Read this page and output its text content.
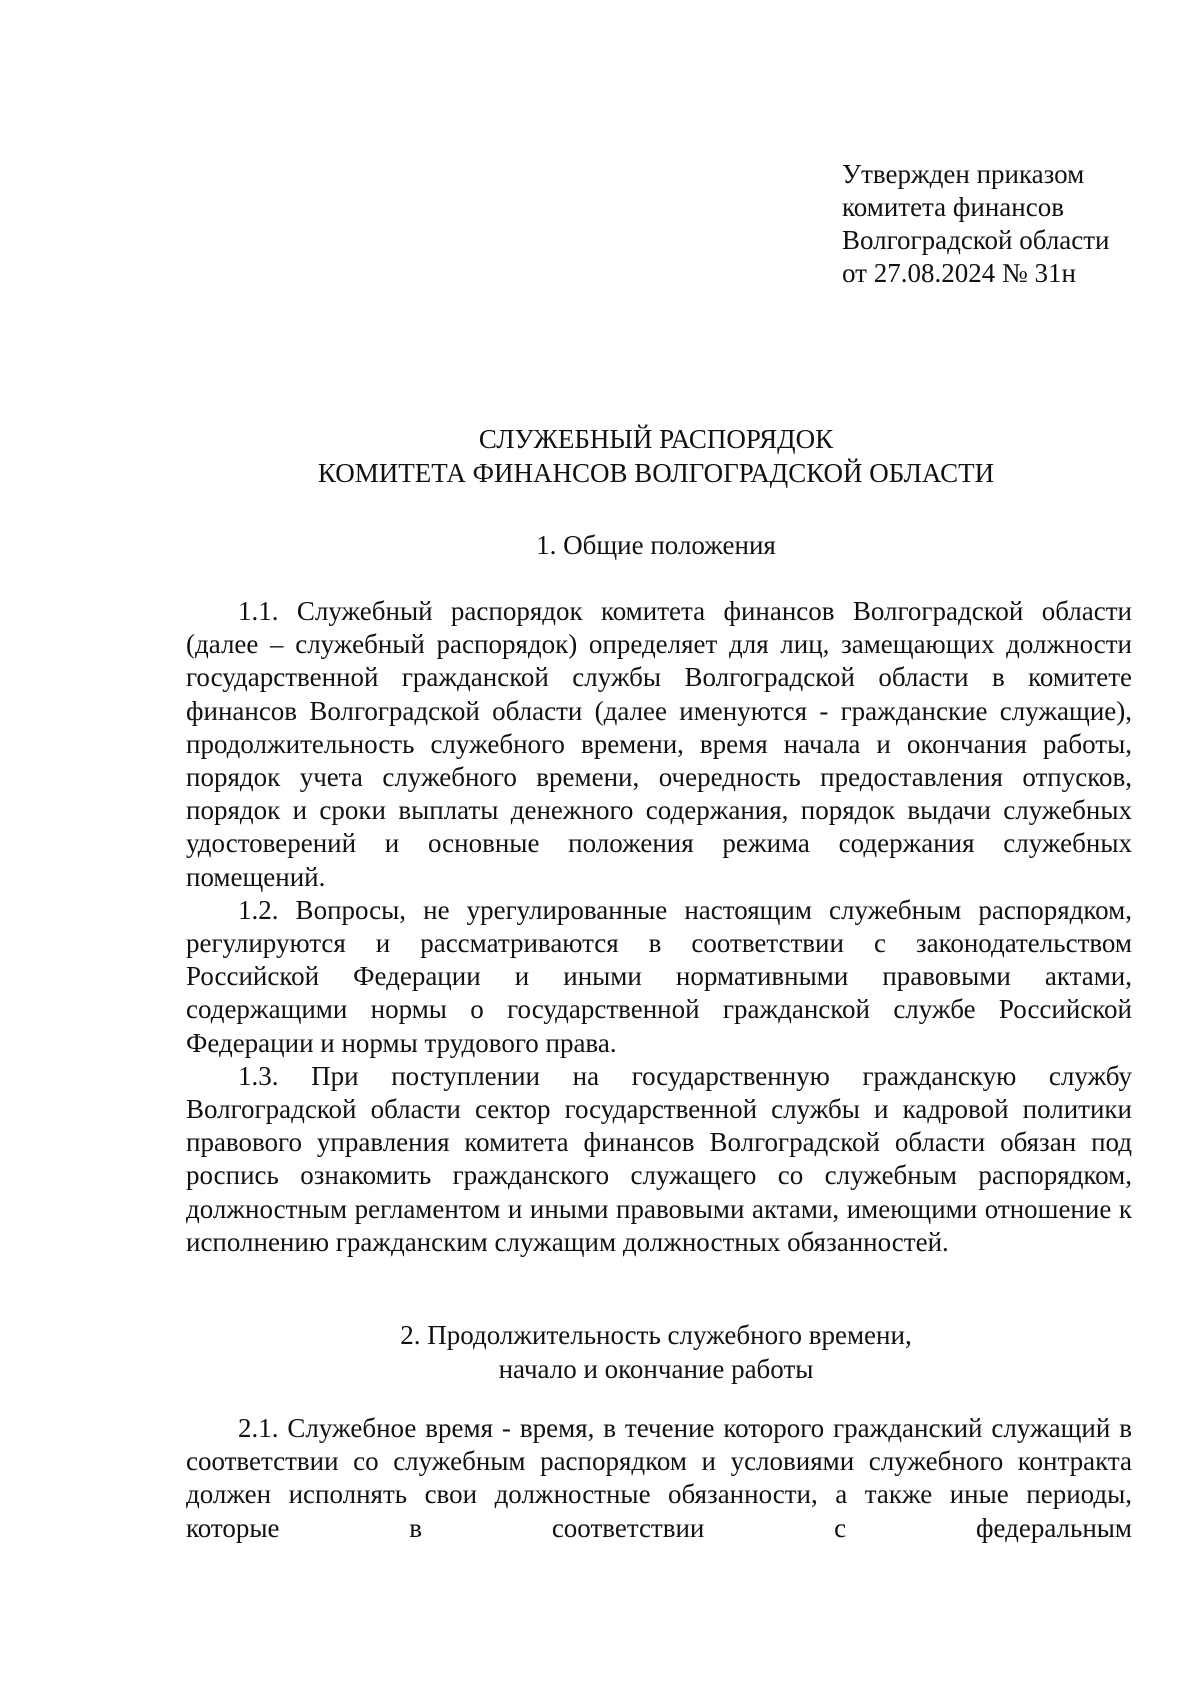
Утвержден приказом
комитета финансов
Волгоградской области
от 27.08.2024 № 31н
СЛУЖЕБНЫЙ РАСПОРЯДОК
КОМИТЕТА ФИНАНСОВ ВОЛГОГРАДСКОЙ ОБЛАСТИ
1. Общие положения

1.1. Служебный распорядок комитета финансов Волгоградской области (далее – служебный распорядок) определяет для лиц, замещающих должности государственной гражданской службы Волгоградской области в комитете финансов Волгоградской области (далее именуются - гражданские служащие), продолжительность служебного времени, время начала и окончания работы, порядок учета служебного времени, очередность предоставления отпусков, порядок и сроки выплаты денежного содержания, порядок выдачи служебных удостоверений и основные положения режима содержания служебных помещений.

1.2. Вопросы, не урегулированные настоящим служебным распорядком, регулируются и рассматриваются в соответствии с законодательством Российской Федерации и иными нормативными правовыми актами, содержащими нормы о государственной гражданской службе Российской Федерации и нормы трудового права.

1.3. При поступлении на государственную гражданскую службу Волгоградской области сектор государственной службы и кадровой политики правового управления комитета финансов Волгоградской области обязан под роспись ознакомить гражданского служащего со служебным распорядком, должностным регламентом и иными правовыми актами, имеющими отношение к исполнению гражданским служащим должностных обязанностей.

2. Продолжительность служебного времени,
начало и окончание работы

2.1. Служебное время - время, в течение которого гражданский служащий в соответствии со служебным распорядком и условиями служебного контракта должен исполнять свои должностные обязанности, а также иные периоды, которые в соответствии с федеральным
